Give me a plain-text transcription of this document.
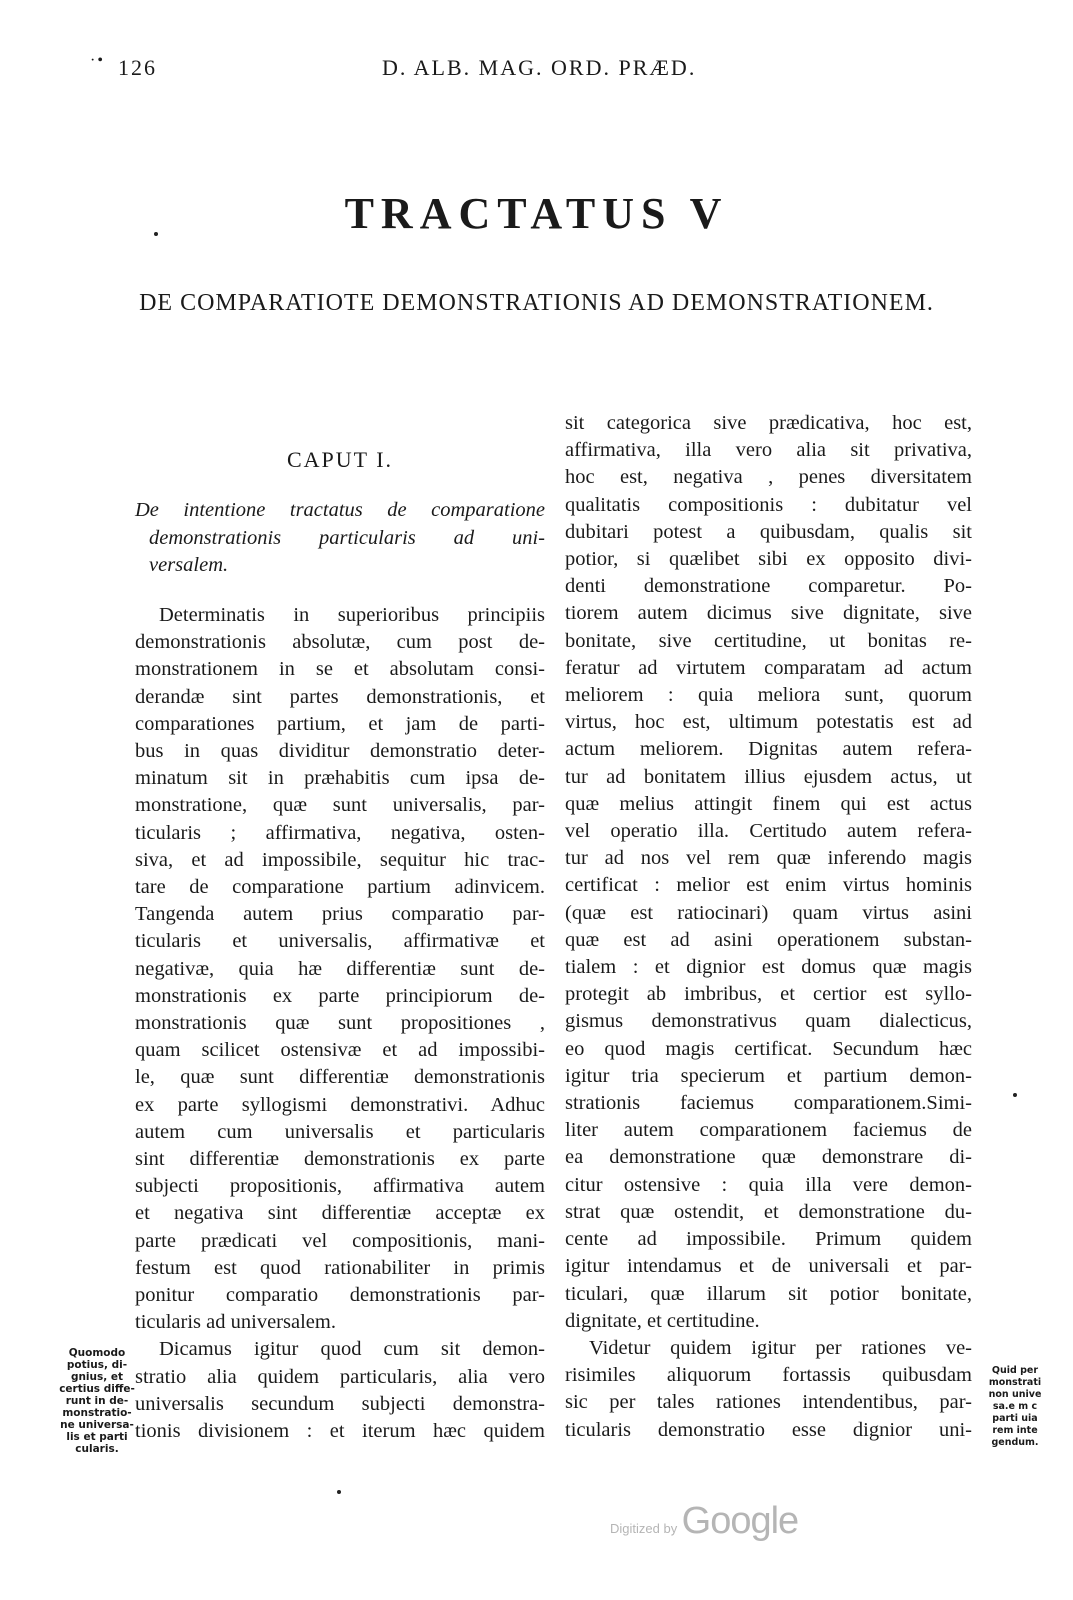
·• 126	D. ALB. MAG. ORD. PRÆD.
TRACTATUS V
DE COMPARATIOTE DEMONSTRATIONIS AD DEMONSTRATIONEM.
CAPUT I.
De intentione tractatus de comparatione
demonstrationis particularis ad uni-
versalem.
Determinatis in superioribus principiis
demonstrationis absolutæ, cum post de-
monstrationem in se et absolutam consi-
derandæ sint partes demonstrationis, et
comparationes partium, et jam de parti-
bus in quas dividitur demonstratio deter-
minatum sit in præhabitis cum ipsa de-
monstratione, quæ sunt universalis, par-
ticularis ; affirmativa, negativa, osten-
siva, et ad impossibile, sequitur hic trac-
tare de comparatione partium adinvicem.
Tangenda autem prius comparatio par-
ticularis et universalis, affirmativæ et
negativæ, quia hæ differentiæ sunt de-
monstrationis ex parte principiorum de-
monstrationis quæ sunt propositiones ,
quam scilicet ostensivæ et ad impossibi-
le, quæ sunt differentiæ demonstrationis
ex parte syllogismi demonstrativi. Adhuc
autem cum universalis et particularis
sint differentiæ demonstrationis ex parte
subjecti propositionis, affirmativa autem
et negativa sint differentiæ acceptæ ex
parte prædicati vel compositionis, mani-
festum est quod rationabiliter in primis
ponitur comparatio demonstrationis par-
ticularis ad universalem.
Dicamus igitur quod cum sit demon-
stratio alia quidem particularis, alia vero
universalis secundum subjecti demonstra-
tionis divisionem : et iterum hæc quidem
sit categorica sive prædicativa, hoc est,
affirmativa, illa vero alia sit privativa,
hoc est, negativa , penes diversitatem
qualitatis compositionis : dubitatur vel
dubitari potest a quibusdam, qualis sit
potior, si quælibet sibi ex opposito divi-
denti demonstratione comparetur. Po-
tiorem autem dicimus sive dignitate, sive
bonitate, sive certitudine, ut bonitas re-
feratur ad virtutem comparatam ad actum
meliorem : quia meliora sunt, quorum
virtus, hoc est, ultimum potestatis est ad
actum meliorem. Dignitas autem refera-
tur ad bonitatem illius ejusdem actus, ut
quæ melius attingit finem qui est actus
vel operatio illa. Certitudo autem refera-
tur ad nos vel rem quæ inferendo magis
certificat : melior est enim virtus hominis
(quæ est ratiocinari) quam virtus asini
quæ est ad asini operationem substan-
tialem : et dignior est domus quæ magis
protegit ab imbribus, et certior est syllo-
gismus demonstrativus quam dialecticus,
eo quod magis certificat. Secundum hæc
igitur tria specierum et partium demon-
strationis faciemus comparationem.Simi-
liter autem comparationem faciemus de
ea demonstratione quæ demonstrare di-
citur ostensive : quia illa vere demon-
strat quæ ostendit, et demonstratione du-
cente ad impossibile. Primum quidem
igitur intendamus et de universali et par-
ticulari, quæ illarum sit potior bonitate,
dignitate, et certitudine.
Videtur quidem igitur per rationes ve-
risimiles aliquorum fortassis quibusdam
sic per tales rationes intendentibus, par-
ticularis demonstratio esse dignior uni-
Quomodo
potius, di-
gnius, et
certius diffe-
runt in de-
monstratio-
ne universa-
lis et parti
cularis.
Quid per
monstrati
non unive
sa.e m c
parti uia
rem inte
gendum.
Digitized by Google
